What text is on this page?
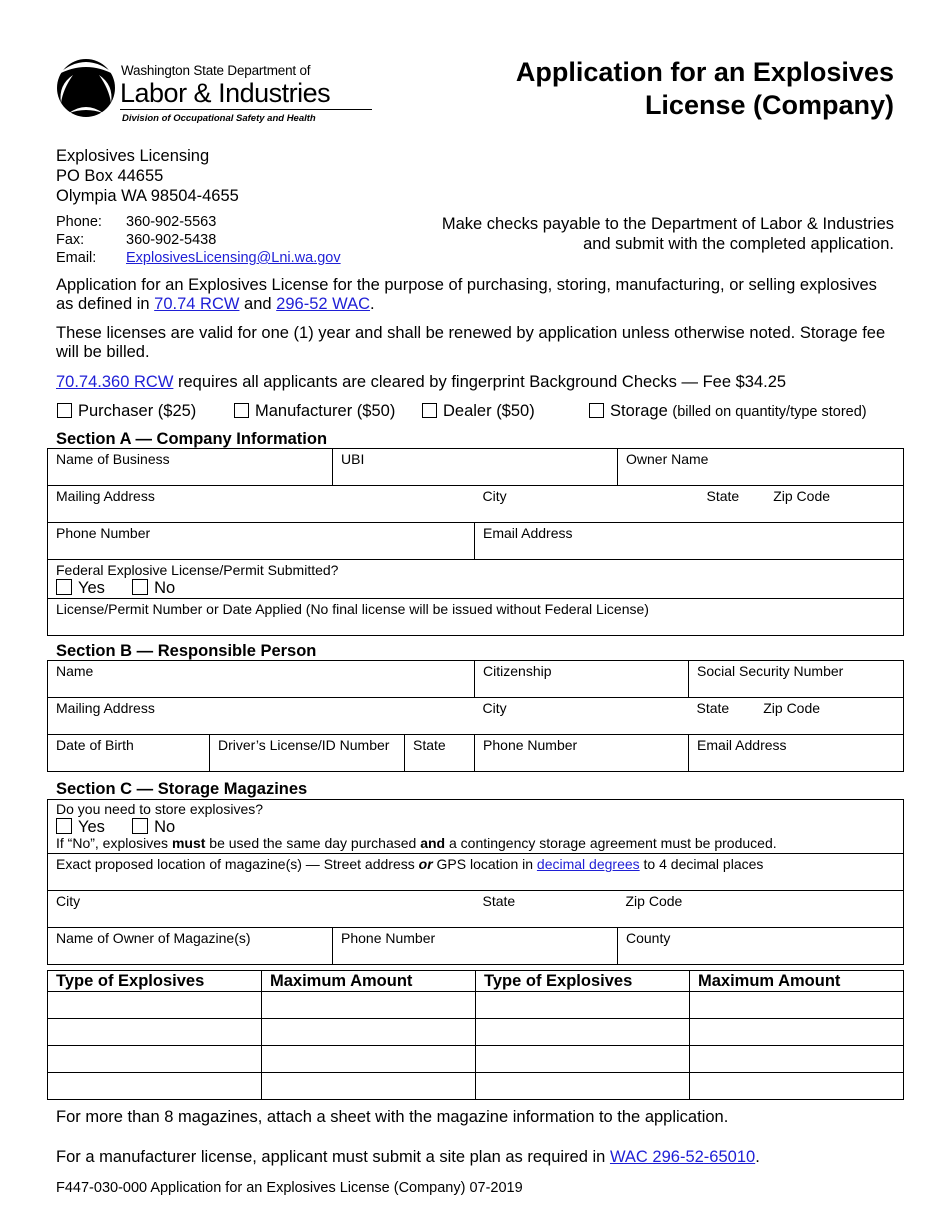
Washington State Department of
Labor & Industries
Division of Occupational Safety and Health
Application for an Explosives
License (Company)
Explosives Licensing
PO Box 44655
Olympia WA 98504-4655
Phone: 360-902-5563
Fax:	360-902-5438
Email: ExplosivesLicensing@Lni.wa.gov
Make checks payable to the Department of Labor & Industries
and submit with the completed application.
Application for an Explosives License for the purpose of purchasing, storing, manufacturing, or selling explosives as defined in 70.74 RCW and 296-52 WAC.
These licenses are valid for one (1) year and shall be renewed by application unless otherwise noted. Storage fee will be billed.
70.74.360 RCW requires all applicants are cleared by fingerprint Background Checks — Fee $34.25
Purchaser ($25)	Manufacturer ($50)	Dealer ($50)	Storage (billed on quantity/type stored)
Section A — Company Information
Name of Business	UBI		Owner Name	
Mailing Address		City		State Zip Code
Phone Number		Email Address		

Federal Explosive License/Permit Submitted?
Yes No				

License/Permit Number or Date Applied (No final license will be issued without Federal License)				
Section B — Responsible Person
Name			Citizenship	Social Security Number
Mailing Address			City	State Zip Code
Date of Birth	Driver’s License/ID Number	State	Phone Number	Email Address
Section C — Storage Magazines
Do you need to store explosives?
Yes No
If “No”, explosives must be used the same day purchased and a contingency storage agreement must be produced.			

Exact proposed location of magazine(s) — Street address or GPS location in decimal degrees to 4 decimal places			
City		State	Zip Code
Name of Owner of Magazine(s)	Phone Number		County
Type of Explosives	Maximum Amount	Type of Explosives	Maximum Amount

For more than 8 magazines, attach a sheet with the magazine information to the application.
For a manufacturer license, applicant must submit a site plan as required in WAC 296-52-65010.
F447-030-000 Application for an Explosives License (Company) 07-2019
